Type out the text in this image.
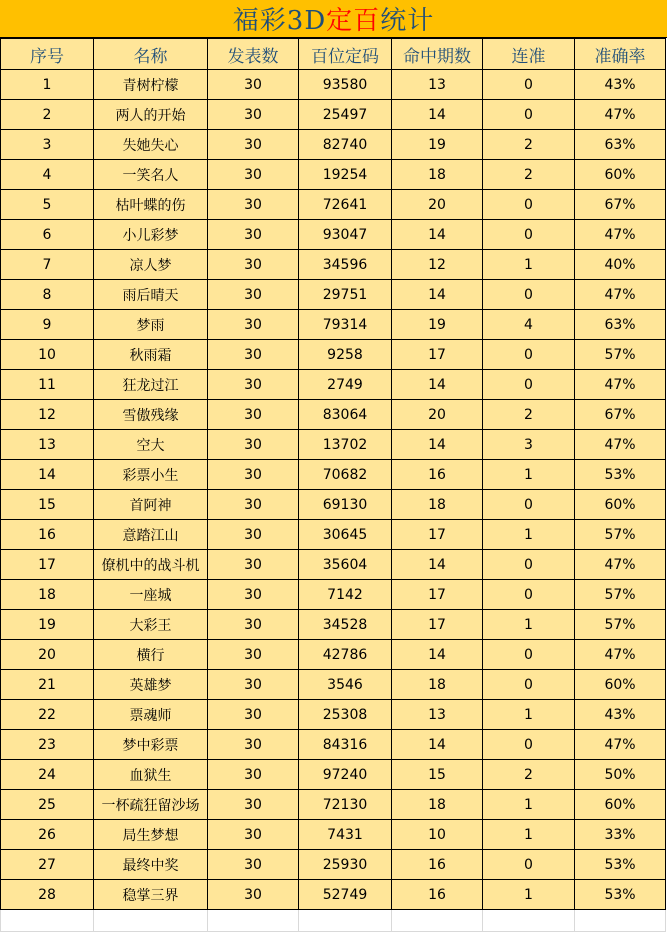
福彩3D 定百 统计
序号	名称	发表数	百位定码	命中期数	连准	准确率
1	青树柠檬	30	93580	13	0	43%
2	两人的开始	30	25497	14	0	47%
3	失她失心	30	82740	19	2	63%
4	一笑名人	30	19254	18	2	60%
5	枯叶蝶的伤	30	72641	20	0	67%
6	小儿彩梦	30	93047	14	0	47%
7	凉人梦	30	34596	12	1	40%
8	雨后晴天	30	29751	14	0	47%
9	梦雨	30	79314	19	4	63%
10	秋雨霜	30	9258	17	0	57%
11	狂龙过江	30	2749	14	0	47%
12	雪傲残缘	30	83064	20	2	67%
13	空大	30	13702	14	3	47%
14	彩票小生	30	70682	16	1	53%
15	首阿神	30	69130	18	0	60%
16	意踏江山	30	30645	17	1	57%
17	僚机中的战斗机	30	35604	14	0	47%
18	一座城	30	7142	17	0	57%
19	大彩王	30	34528	17	1	57%
20	横行	30	42786	14	0	47%
21	英雄梦	30	3546	18	0	60%
22	票魂师	30	25308	13	1	43%
23	梦中彩票	30	84316	14	0	47%
24	血狱生	30	97240	15	2	50%
25	一杯疏狂留沙场	30	72130	18	1	60%
26	局生梦想	30	7431	10	1	33%
27	最终中奖	30	25930	16	0	53%
28	稳掌三界	30	52749	16	1	53%
